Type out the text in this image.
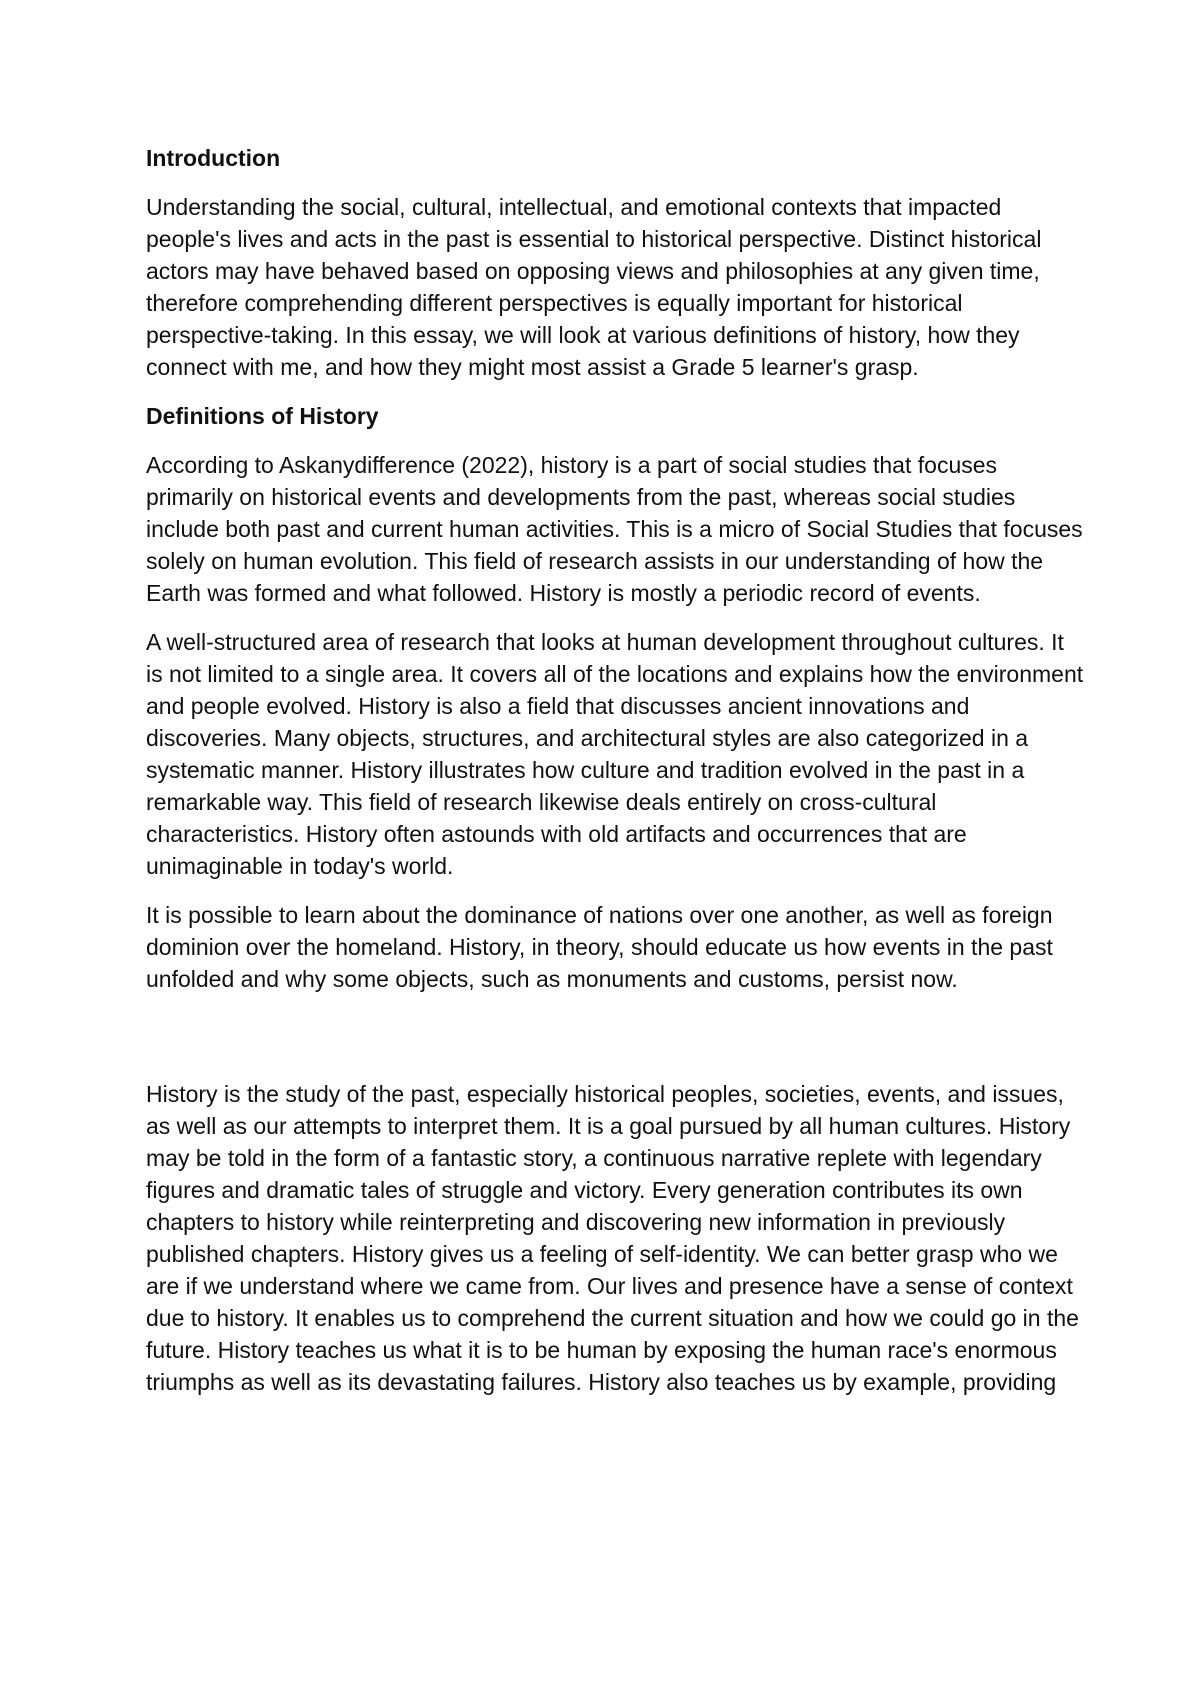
Introduction

Understanding the social, cultural, intellectual, and emotional contexts that impacted people's lives and acts in the past is essential to historical perspective. Distinct historical actors may have behaved based on opposing views and philosophies at any given time, therefore comprehending different perspectives is equally important for historical perspective-taking. In this essay, we will look at various definitions of history, how they connect with me, and how they might most assist a Grade 5 learner's grasp.

Definitions of History

According to Askanydifference (2022), history is a part of social studies that focuses primarily on historical events and developments from the past, whereas social studies include both past and current human activities. This is a micro of Social Studies that focuses solely on human evolution. This field of research assists in our understanding of how the Earth was formed and what followed. History is mostly a periodic record of events.

A well-structured area of research that looks at human development throughout cultures. It is not limited to a single area. It covers all of the locations and explains how the environment and people evolved. History is also a field that discusses ancient innovations and discoveries. Many objects, structures, and architectural styles are also categorized in a systematic manner. History illustrates how culture and tradition evolved in the past in a remarkable way. This field of research likewise deals entirely on cross-cultural characteristics. History often astounds with old artifacts and occurrences that are unimaginable in today's world.

It is possible to learn about the dominance of nations over one another, as well as foreign dominion over the homeland. History, in theory, should educate us how events in the past unfolded and why some objects, such as monuments and customs, persist now.

History is the study of the past, especially historical peoples, societies, events, and issues, as well as our attempts to interpret them. It is a goal pursued by all human cultures. History may be told in the form of a fantastic story, a continuous narrative replete with legendary figures and dramatic tales of struggle and victory. Every generation contributes its own chapters to history while reinterpreting and discovering new information in previously published chapters. History gives us a feeling of self-identity. We can better grasp who we are if we understand where we came from. Our lives and presence have a sense of context due to history. It enables us to comprehend the current situation and how we could go in the future. History teaches us what it is to be human by exposing the human race's enormous triumphs as well as its devastating failures. History also teaches us by example, providing
